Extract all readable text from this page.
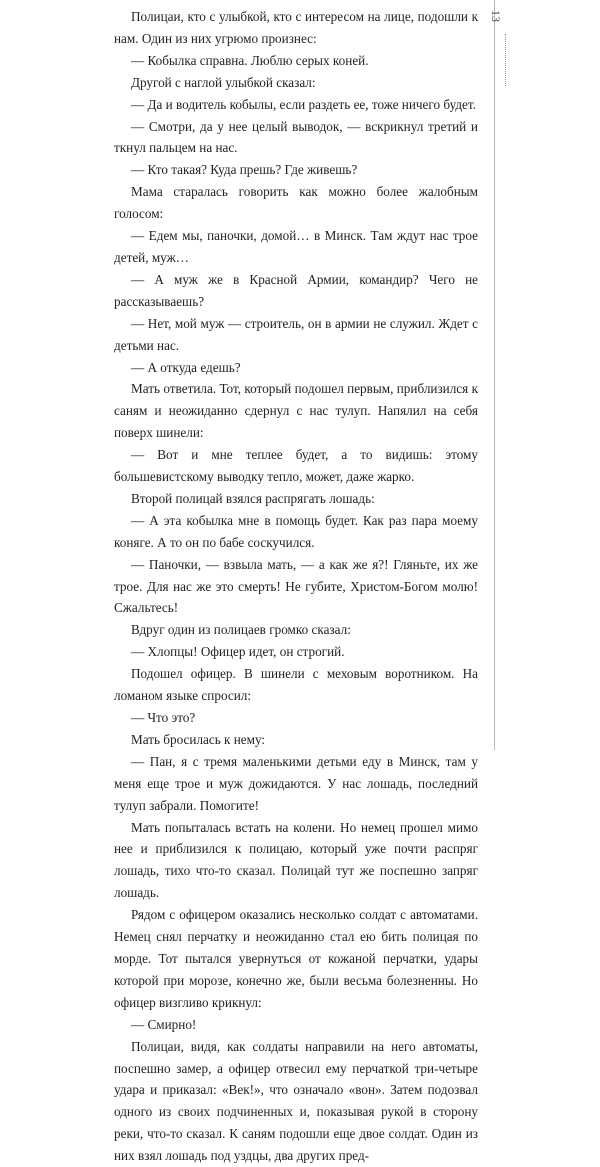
Полицаи, кто с улыбкой, кто с интересом на лице, подошли к нам. Один из них угрюмо произнес:

— Кобылка справна. Люблю серых коней.

Другой с наглой улыбкой сказал:

— Да и водитель кобылы, если раздеть ее, тоже ничего будет.

— Смотри, да у нее целый выводок, — вскрикнул третий и ткнул пальцем на нас.

— Кто такая? Куда прешь? Где живешь?

Мама старалась говорить как можно более жалобным голосом:

— Едем мы, паночки, домой… в Минск. Там ждут нас трое детей, муж…

— А муж же в Красной Армии, командир? Чего не рассказываешь?

— Нет, мой муж — строитель, он в армии не служил. Ждет с детьми нас.

— А откуда едешь?

Мать ответила. Тот, который подошел первым, приблизился к саням и неожиданно сдернул с нас тулуп. Напялил на себя поверх шинели:

— Вот и мне теплее будет, а то видишь: этому большевистскому выводку тепло, может, даже жарко.

Второй полицай взялся распрягать лошадь:

— А эта кобылка мне в помощь будет. Как раз пара моему коняге. А то он по бабе соскучился.

— Паночки, — взвыла мать, — а как же я?! Гляньте, их же трое. Для нас же это смерть! Не губите, Христом-Богом молю! Сжальтесь!

Вдруг один из полицаев громко сказал:

— Хлопцы! Офицер идет, он строгий.

Подошел офицер. В шинели с меховым воротником. На ломаном языке спросил:

— Что это?

Мать бросилась к нему:

— Пан, я с тремя маленькими детьми еду в Минск, там у меня еще трое и муж дожидаются. У нас лошадь, последний тулуп забрали. Помогите!

Мать попыталась встать на колени. Но немец прошел мимо нее и приблизился к полицаю, который уже почти распряг лошадь, тихо что-то сказал. Полицай тут же поспешно запряг лошадь.

Рядом с офицером оказались несколько солдат с автоматами. Немец снял перчатку и неожиданно стал ею бить полицая по морде. Тот пытался увернуться от кожаной перчатки, удары которой при морозе, конечно же, были весьма болезненны. Но офицер визгливо крикнул:

— Смирно!

Полицаи, видя, как солдаты направили на него автоматы, поспешно замер, а офицер отвесил ему перчаткой три-четыре удара и приказал: «Век!», что означало «вон». Затем подозвал одного из своих подчиненных и, показывая рукой в сторону реки, что-то сказал. К саням подошли еще двое солдат. Один из них взял лошадь под уздцы, два других пред-

13
